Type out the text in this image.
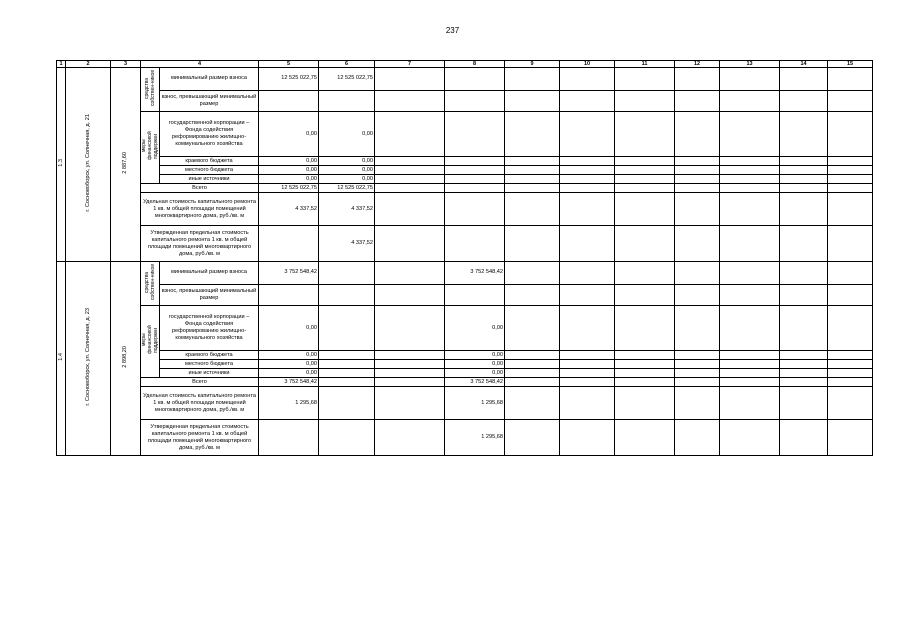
237
1	2	3	4		5	6	7	8	9	10	11	12	13	14	15
1.3	г. Сосновоборск, ул. Солнечная, д. 21	2 887,60	средства собствен-ников	минимальный размер взноса	12 525 022,75	12 525 022,75									
				взнос, превышающий минимальный размер											
			меры финансовой поддержки	государственной корпорации – Фонда содействия реформированию жилищно-коммунального хозяйства	0,00	0,00									
				краевого бюджета	0,00	0,00									
				местного бюджета	0,00	0,00									
				иные источники	0,00	0,00									
			Всего		12 525 022,75	12 525 022,75									
			Удельная стоимость капитального ремонта 1 кв. м общей площади помещений многоквартирного дома, руб./кв. м		4 337,52	4 337,52									
			Утвержденная предельная стоимость капитального ремонта 1 кв. м общей площади помещений многоквартирного дома, руб./кв. м			4 337,52									
1.4	г. Сосновоборск, ул. Солнечная, д. 23	2 898,20	средства собствен-ников	минимальный размер взноса	3 752 548,42			3 752 548,42							
				взнос, превышающий минимальный размер											
			меры финансовой поддержки	государственной корпорации – Фонда содействия реформированию жилищно-коммунального хозяйства	0,00			0,00							
				краевого бюджета	0,00			0,00							
				местного бюджета	0,00			0,00							
				иные источники	0,00			0,00							
			Всего		3 752 548,42			3 752 548,42							
			Удельная стоимость капитального ремонта 1 кв. м общей площади помещений многоквартирного дома, руб./кв. м		1 295,68			1 295,68							
			Утвержденная предельная стоимость капитального ремонта 1 кв. м общей площади помещений многоквартирного дома, руб./кв. м					1 295,68							
